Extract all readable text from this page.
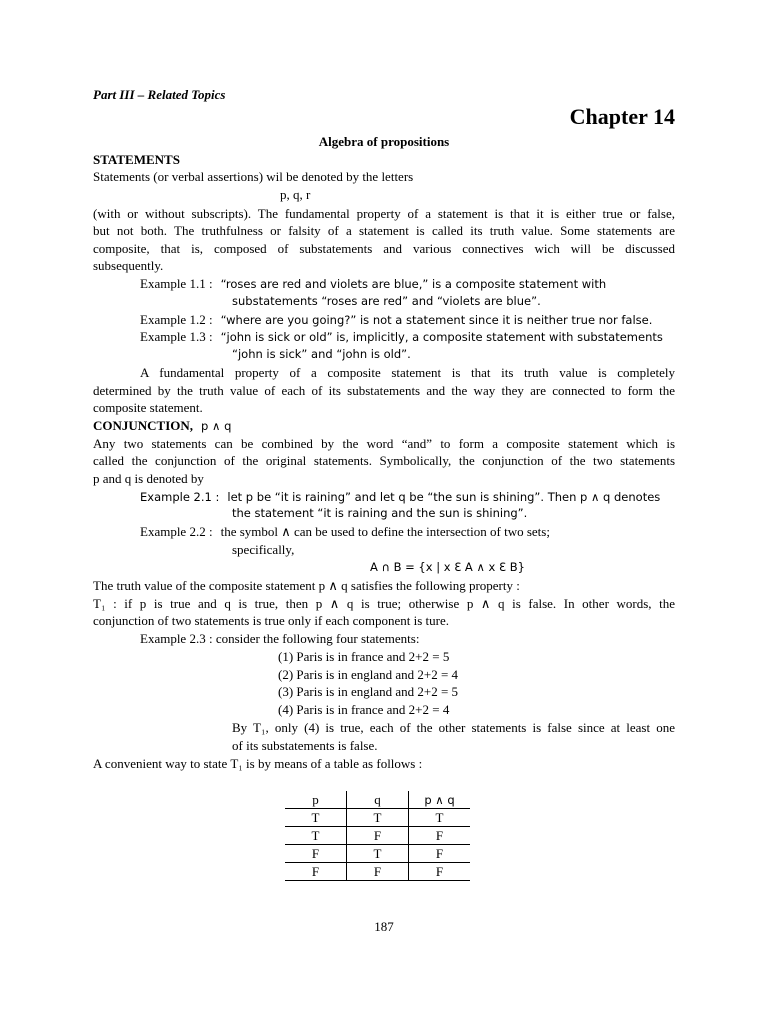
Part III – Related Topics
Chapter 14
Algebra of propositions
STATEMENTS
Statements (or verbal assertions) wil be denoted by the letters
p, q, r
(with or without subscripts). The fundamental property of a statement is that it is either true or false,
but not both. The truthfulness or falsity of a statement is called its truth value. Some statements are
composite, that is, composed of substatements and various connectives wich will be discussed
subsequently.
Example 1.1 : “roses are red and violets are blue,” is a composite statement with
substatements “roses are red” and “violets are blue”.
Example 1.2 : “where are you going?” is not a statement since it is neither true nor false.
Example 1.3 : “john is sick or old” is, implicitly, a composite statement with substatements
“john is sick” and “john is old”.
A fundamental property of a composite statement is that its truth value is completely
determined by the truth value of each of its substatements and the way they are connected to form the
composite statement.
CONJUNCTION, p ∧ q
Any two statements can be combined by the word “and” to form a composite statement which is
called the conjunction of the original statements. Symbolically, the conjunction of the two statements
p and q is denoted by
Example 2.1 : let p be “it is raining” and let q be “the sun is shining”. Then p ∧ q denotes
the statement “it is raining and the sun is shining”.
Example 2.2 : the symbol ∧ can be used to define the intersection of two sets;
specifically,
A ∩ B = {x | x Ɛ A ∧ x Ɛ B}
The truth value of the composite statement p ∧ q satisfies the following property :
T₁ : if p is true and q is true, then p ∧ q is true; otherwise p ∧ q is false. In other words, the
conjunction of two statements is true only if each component is ture.
Example 2.3 : consider the following four statements:
(1) Paris is in france and 2+2 = 5
(2) Paris is in england and 2+2 = 4
(3) Paris is in england and 2+2 = 5
(4) Paris is in france and 2+2 = 4
By T₁, only (4) is true, each of the other statements is false since at least one
of its substatements is false.
A convenient way to state T₁ is by means of a table as follows :
p	q	p ∧ q
T	T	T
T	F	F
F	T	F
F	F	F
187
